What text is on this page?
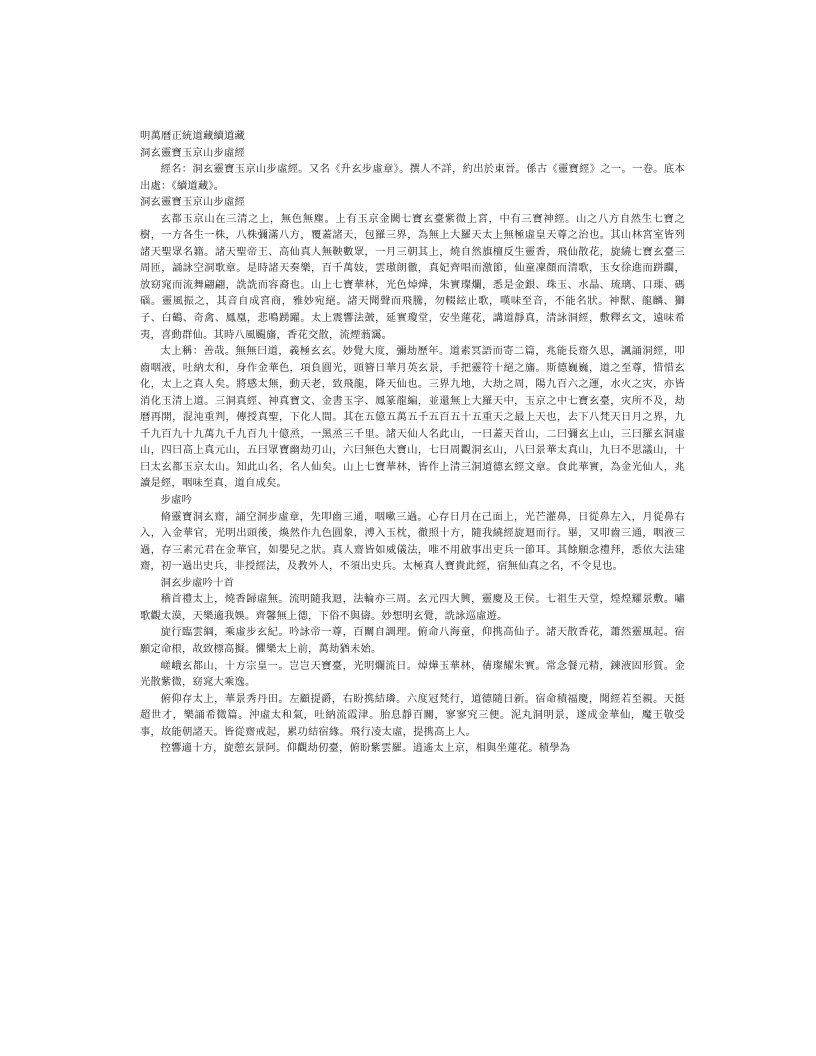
明萬曆正統道藏續道藏
洞玄靈寶玉京山步虛經

經名：洞玄靈寶玉京山步虛經。又名《升玄步虛章》。撰人不詳，約出於東晉。係古《靈寶經》之一。一卷。底本出處：《續道藏》。

洞玄靈寶玉京山步虛經

玄都玉京山在三清之上，無色無塵。上有玉京金闕七寶玄臺紫微上宮，中有三寶神經。山之八方自然生七寶之樹，一方各生一株，八株彌滿八方，覆蓋諸天，包羅三界，為無上大羅天太上無極虛皇天尊之治也。其山林宮室皆列諸天聖眾名籍。諸天聖帝王、高仙真人無鞅數眾，一月三朝其上，燒自然旗檀反生靈香，飛仙散花，旋繞七寶玄臺三周匝，誦詠空洞歌章。是時諸天奏樂，百千萬妓，雲璈朗徹，真妃齊唱而激節，仙童凜顏而清歌，玉女徐進而跰躢，放窈窕而流舞翩翩，詵詵而容裔也。山上七寶華林，光色焯燁，朱實璨爛，悉是金銀、珠玉、水晶、琉璃、口璖、碼碯。靈風振之，其音自成宮商，雅妙宛絕。諸天聞聲而飛騰，勿輟絃止歌，嘆味至音，不能名狀。神獸、龍麟、獅子、白鶴、奇禽、鳳凰，悲鳴踴躍。太上震響法皷，延實瓊堂，安坐蓮花，講道靜真，清詠洞經，敷釋玄文，遠味希夷，喜動群仙。其時八風颺旛，香花交散，流煙蓊靄。

太上稱：善哉。無無曰道，義極玄玄。妙覺大度，彌劫歷年。道素冥語而寄二篇，兆能長齋久思，諷誦洞經，叩齒咽液，吐納太和，身作金華色，項負圓光，頭簪日華月英玄景，手把靈符十絕之旛。斯德巍巍，道之至尊，惜惜玄化，太上之真人矣。將感太無，動天老，致飛龍，降天仙也。三界九地，大劫之周，陽九百六之運，水火之灾，亦皆消化玉清上道。三洞真經、神真寶文、金書玉字、鳳篆龍編，並還無上大羅天中，玉京之中七寶玄臺，灾所不及，劫曆再開，混沌重判，傳授真聖，下化人間。其在五億五萬五千五百五十五重天之最上天也，去下八梵天日月之界，九千九百九十九萬九千九百九十億烝，一黑烝三千里。諸天仙人名此山，一曰蓋天首山，二曰彌玄上山，三曰羅玄洞虛山，四曰高上真元山，五曰眾寶幽劫刃山，六曰無色大寶山，七曰周觀洞玄山，八曰景華太真山，九曰不思議山，十曰太玄都玉京太山。知此山名，名人仙矣。山上七寶華林，皆作上清三洞道德玄經文章。食此華實，為金光仙人，兆讀是經，咽味至真，道自成矣。

步虛吟

脩靈寶洞玄齋，誦空洞步虛章，先叩齒三通，咽嗽三過。心存日月在己面上，光芒灌鼻，日從鼻左入，月從鼻右入，入金華官，光明出頭後，煥然作九色圓象，溥入玉枕，徹照十方，隨我繞經旋迴而行。畢，又叩齒三通，咽液三過，存三素元君在金華官，如嬰兒之狀。真人齋皆如威儀法，唯不用啟事出吏兵一節耳。其餘願念禮拜，悉依大法建齋，初一過出史兵，非授經法，及教外人，不須出史兵。太極真人寶貴此經，宿無仙真之名，不令見也。

洞玄步虛吟十首

稽首禮太上，燒香歸虛無。流明隨我迴，法輪亦三周。玄元四大興，靈慶及王侯。七祖生天堂，煌煌耀景敷。嘯歌觀太漠，天樂適我娛。齊馨無上德，下俗不與儔。妙想明玄覺，詵詠巡虛遊。

旋行臨雲綱，乘虛步玄紀。吟詠帝一尊，百關自調理。俯命八海童，仰携高仙子。諸天散香花，蕭然靈風起。宿願定命根，故致標高擬。懼樂太上前，萬劫猶未始。

嵯峨玄都山，十方宗皇一。岂岂天寶臺，光明爛流日。焯燁玉華林，蒨璨耀朱實。常念餐元精，鍊液固形質。金光散紫微，窈窕大乘逸。

俯仰存太上，華景秀丹田。左顧提爵，右盼携結璘。六度冠梵行，道德隨日新。宿命積福慶，聞經若至親。天挺超世才，樂誦希微篇。沖虛太和氣，吐納流霞津。胎息靜百關，寥寥究三便。泥丸洞明景，遂成金華仙，魔王敬受事，故能朝諸天。皆從齋戒起，累功結宿緣。飛行凌太虛，提携高上人。

控響適十方，旋憩玄景阿。仰觀劫仞臺，俯盼紫雲羅。逍遙太上京，相與坐蓮花。積學為
